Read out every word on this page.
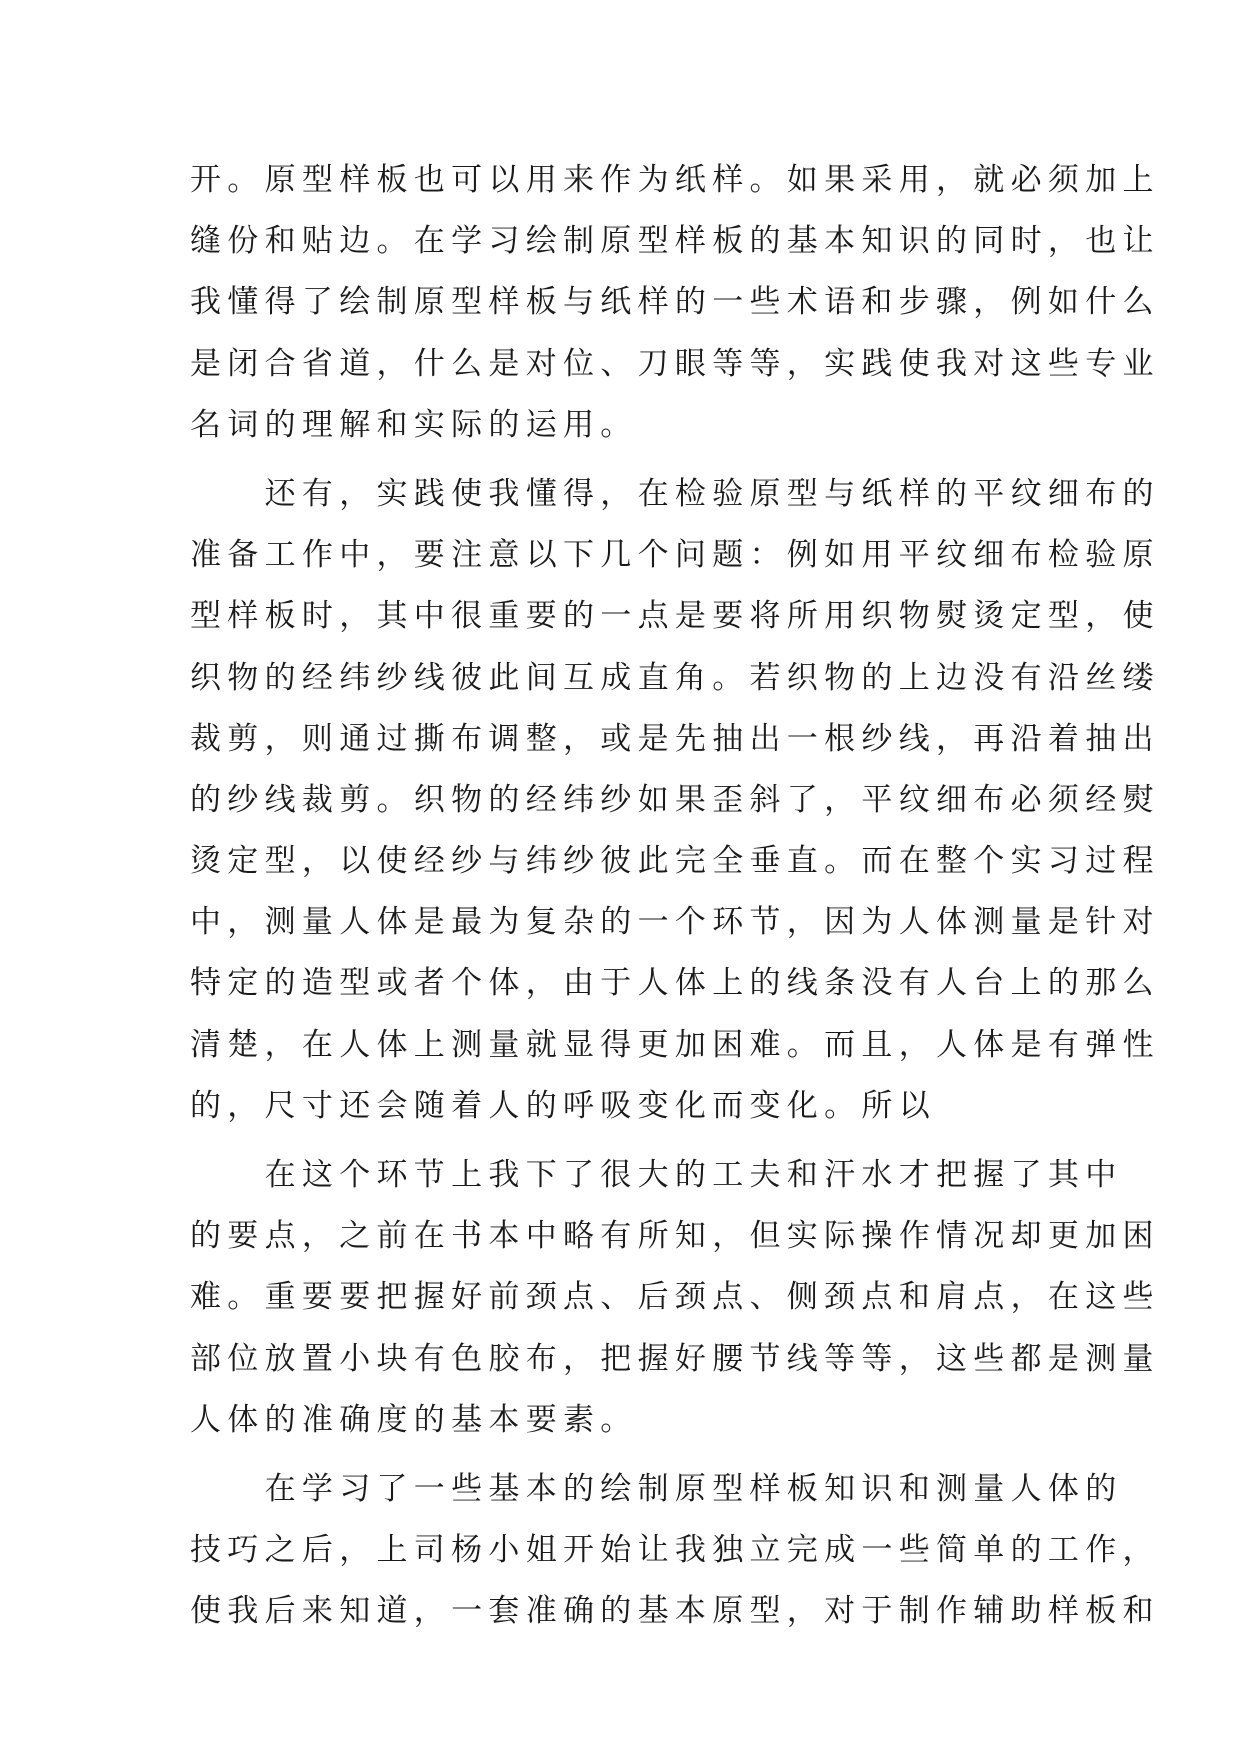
开。原型样板也可以用来作为纸样。如果采用，就必须加上
缝份和贴边。在学习绘制原型样板的基本知识的同时，也让
我懂得了绘制原型样板与纸样的一些术语和步骤，例如什么
是闭合省道，什么是对位、刀眼等等，实践使我对这些专业
名词的理解和实际的运用。
　　还有，实践使我懂得，在检验原型与纸样的平纹细布的
准备工作中，要注意以下几个问题：例如用平纹细布检验原
型样板时，其中很重要的一点是要将所用织物熨烫定型，使
织物的经纬纱线彼此间互成直角。若织物的上边没有沿丝缕
裁剪，则通过撕布调整，或是先抽出一根纱线，再沿着抽出
的纱线裁剪。织物的经纬纱如果歪斜了，平纹细布必须经熨
烫定型，以使经纱与纬纱彼此完全垂直。而在整个实习过程
中，测量人体是最为复杂的一个环节，因为人体测量是针对
特定的造型或者个体，由于人体上的线条没有人台上的那么
清楚，在人体上测量就显得更加困难。而且，人体是有弹性
的，尺寸还会随着人的呼吸变化而变化。所以
　　在这个环节上我下了很大的工夫和汗水才把握了其中
的要点，之前在书本中略有所知，但实际操作情况却更加困
难。重要要把握好前颈点、后颈点、侧颈点和肩点，在这些
部位放置小块有色胶布，把握好腰节线等等，这些都是测量
人体的准确度的基本要素。
　　在学习了一些基本的绘制原型样板知识和测量人体的
技巧之后，上司杨小姐开始让我独立完成一些简单的工作，
使我后来知道，一套准确的基本原型，对于制作辅助样板和
